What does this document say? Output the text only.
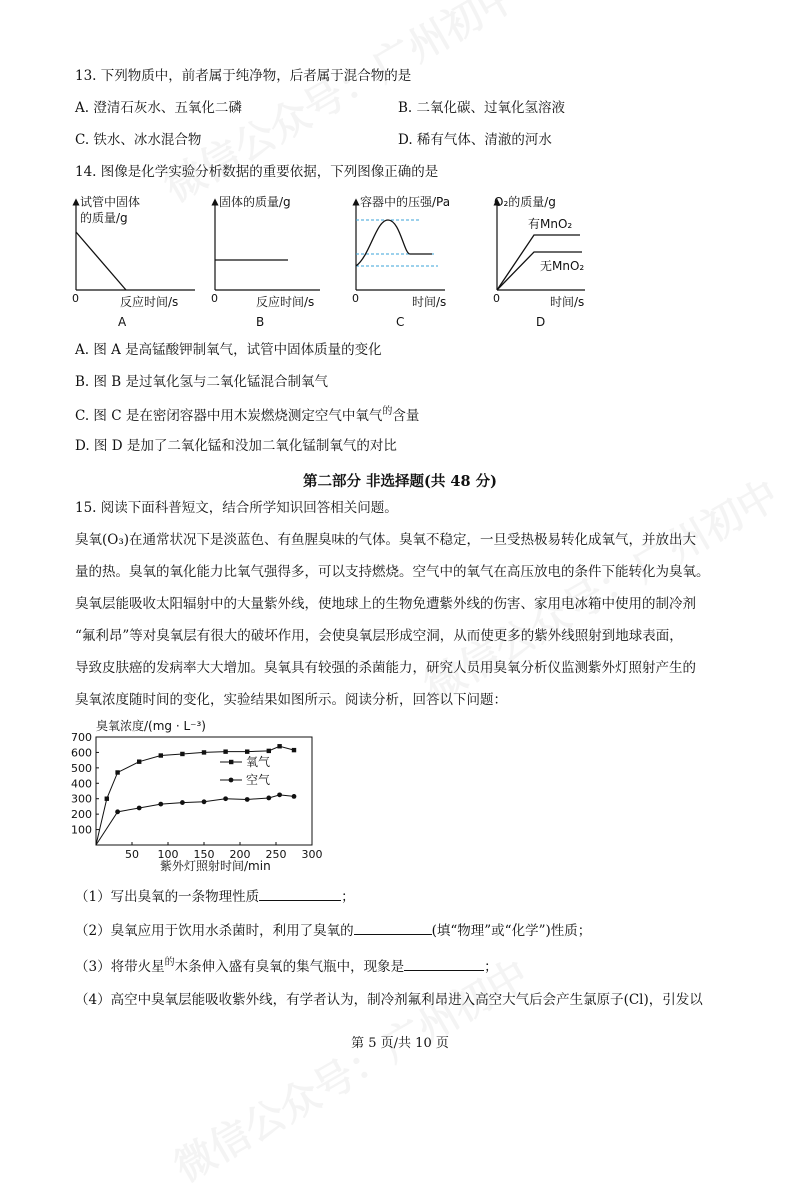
13. 下列物质中，前者属于纯净物，后者属于混合物的是
A. 澄清石灰水、五氧化二磷	B. 二氧化碳、过氧化氢溶液
C. 铁水、冰水混合物	D. 稀有气体、清澈的河水
14. 图像是化学实验分析数据的重要依据，下列图像正确的是
试管中固体
的质量/g
0	反应时间/s
A
固体的质量/g
0	反应时间/s
B
容器中的压强/Pa
0	时间/s
C
O₂的质量/g
有MnO₂
无MnO₂
0	时间/s
D
A. 图 A 是高锰酸钾制氧气，试管中固体质量的变化
B. 图 B 是过氧化氢与二氧化锰混合制氧气
C. 图 C 是在密闭容器中用木炭燃烧测定空气中氧气$^的$含量
D. 图 D 是加了二氧化锰和没加二氧化锰制氧气的对比
第二部分 非选择题(共 48 分)
15. 阅读下面科普短文，结合所学知识回答相关问题。
臭氧(O₃)在通常状况下是淡蓝色、有鱼腥臭味的气体。臭氧不稳定，一旦受热极易转化成氧气，并放出大
量的热。臭氧的氧化能力比氧气强得多，可以支持燃烧。空气中的氧气在高压放电的条件下能转化为臭氧。
臭氧层能吸收太阳辐射中的大量紫外线，使地球上的生物免遭紫外线的伤害、家用电冰箱中使用的制冷剂
“氟利昂”等对臭氧层有很大的破坏作用，会使臭氧层形成空洞，从而使更多的紫外线照射到地球表面，
导致皮肤癌的发病率大大增加。臭氧具有较强的杀菌能力，研究人员用臭氧分析仪监测紫外灯照射产生的
臭氧浓度随时间的变化，实验结果如图所示。阅读分析，回答以下问题：
100
200
300
400
500
600
700
50 100 150 200 250 300
氧气
空气
臭氧浓度/(mg · L⁻³)
紫外灯照射时间/min
（1）写出臭氧的一条物理性质	；
（2）臭氧应用于饮用水杀菌时，利用了臭氧的	(填“物理”或“化学”)性质；
（3）将带火星$^的$木条伸入盛有臭氧的集气瓶中，现象是	；
（4）高空中臭氧层能吸收紫外线，有学者认为，制冷剂氟利昂进入高空大气后会产生氯原子(Cl)，引发以
第 5 页/共 10 页
